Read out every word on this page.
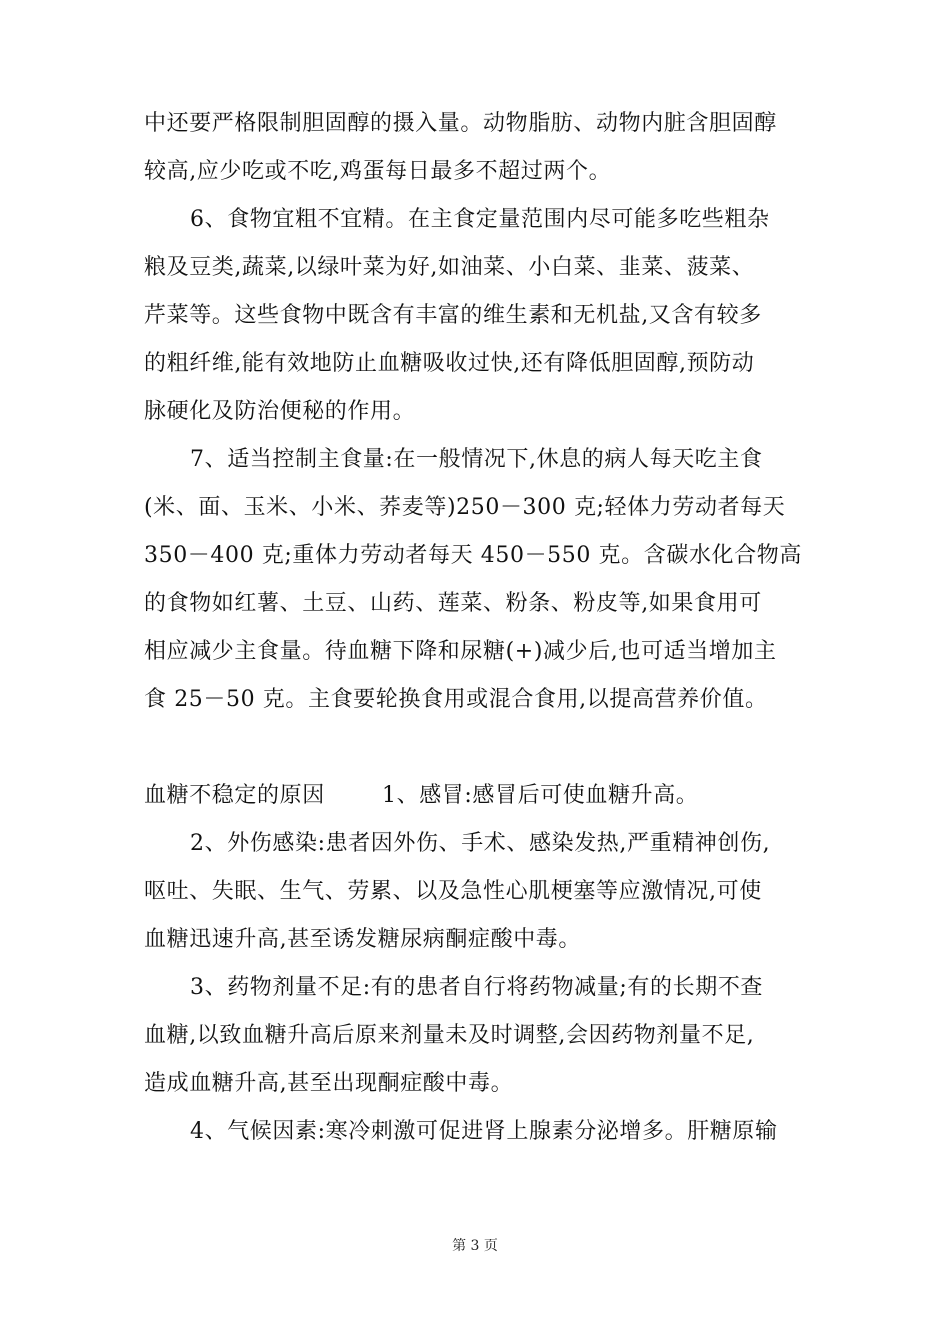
中还要严格限制胆固醇的摄入量。动物脂肪、动物内脏含胆固醇
较高,应少吃或不吃,鸡蛋每日最多不超过两个。
6、食物宜粗不宜精。在主食定量范围内尽可能多吃些粗杂
粮及豆类,蔬菜,以绿叶菜为好,如油菜、小白菜、韭菜、菠菜、
芹菜等。这些食物中既含有丰富的维生素和无机盐,又含有较多
的粗纤维,能有效地防止血糖吸收过快,还有降低胆固醇,预防动
脉硬化及防治便秘的作用。
7、适当控制主食量:在一般情况下,休息的病人每天吃主食
(米、面、玉米、小米、荞麦等)250－300 克;轻体力劳动者每天
350－400 克;重体力劳动者每天 450－550 克。含碳水化合物高
的食物如红薯、土豆、山药、莲菜、粉条、粉皮等,如果食用可
相应减少主食量。待血糖下降和尿糖(+)减少后,也可适当增加主
食 25－50 克。主食要轮换食用或混合食用,以提高营养价值。
血糖不稳定的原因	1、感冒:感冒后可使血糖升高。
2、外伤感染:患者因外伤、手术、感染发热,严重精神创伤,
呕吐、失眠、生气、劳累、以及急性心肌梗塞等应激情况,可使
血糖迅速升高,甚至诱发糖尿病酮症酸中毒。
3、药物剂量不足:有的患者自行将药物减量;有的长期不查
血糖,以致血糖升高后原来剂量未及时调整,会因药物剂量不足,
造成血糖升高,甚至出现酮症酸中毒。
4、气候因素:寒冷刺激可促进肾上腺素分泌增多。肝糖原输
第 3 页
